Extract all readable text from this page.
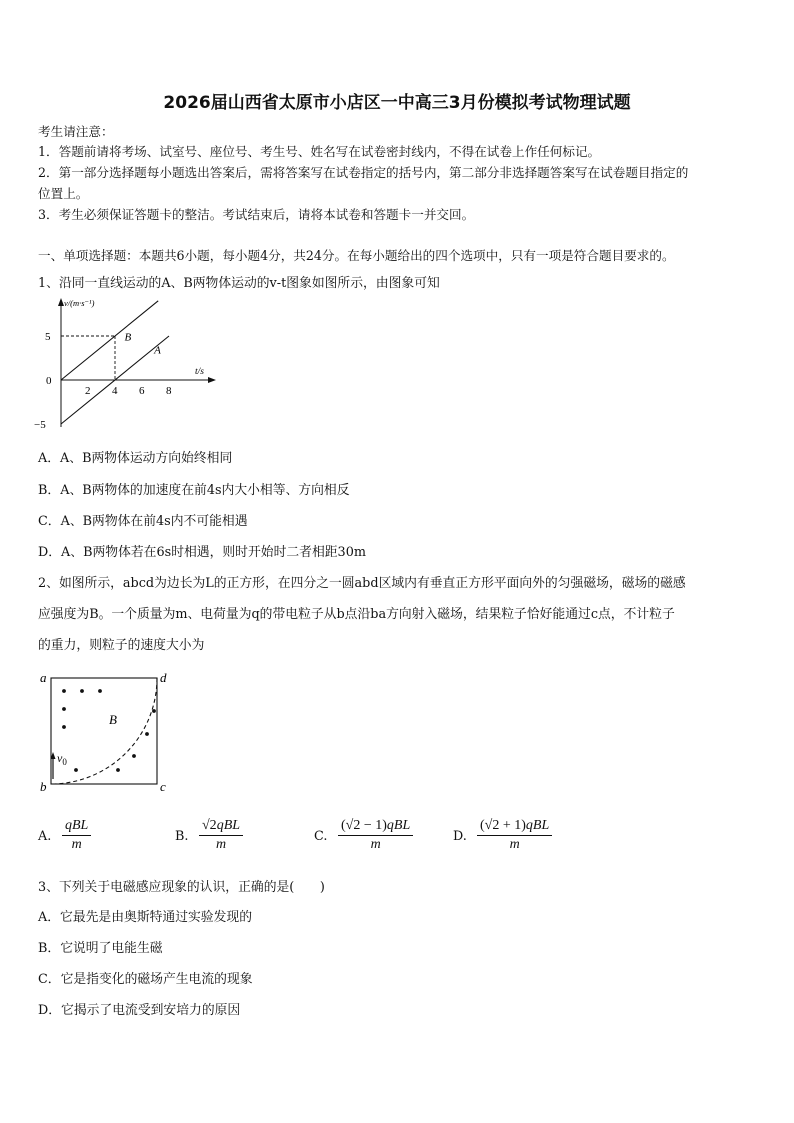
2026届山西省太原市小店区一中高三3月份模拟考试物理试题
考生请注意：
1．答题前请将考场、试室号、座位号、考生号、姓名写在试卷密封线内，不得在试卷上作任何标记。
2．第一部分选择题每小题选出答案后，需将答案写在试卷指定的括号内，第二部分非选择题答案写在试卷题目指定的
位置上。
3．考生必须保证答题卡的整洁。考试结束后，请将本试卷和答题卡一并交回。
一、单项选择题：本题共6小题，每小题4分，共24分。在每小题给出的四个选项中，只有一项是符合题目要求的。
1、沿同一直线运动的A、B两物体运动的v-t图象如图所示，由图象可知
B
A
2 4 6 8
5
0
−5
t/s
v/(m·s⁻¹)
A．A、B两物体运动方向始终相同
B．A、B两物体的加速度在前4s内大小相等、方向相反
C．A、B两物体在前4s内不可能相遇
D．A、B两物体若在6s时相遇，则时开始时二者相距30m
2、如图所示，abcd为边长为L的正方形，在四分之一圆abd区域内有垂直正方形平面向外的匀强磁场，磁场的磁感
应强度为B。一个质量为m、电荷量为q的带电粒子从b点沿ba方向射入磁场，结果粒子恰好能通过c点，不计粒子
的重力，则粒子的速度大小为
a
b	c
d
B
$v_0$
A.
qBL
m
B.
√2qBL
m
C.
(√2 − 1)qBL
m
D.
(√2 + 1)qBL
m
3、下列关于电磁感应现象的认识，正确的是(　　)
A．它最先是由奥斯特通过实验发现的
B．它说明了电能生磁
C．它是指变化的磁场产生电流的现象
D．它揭示了电流受到安培力的原因
